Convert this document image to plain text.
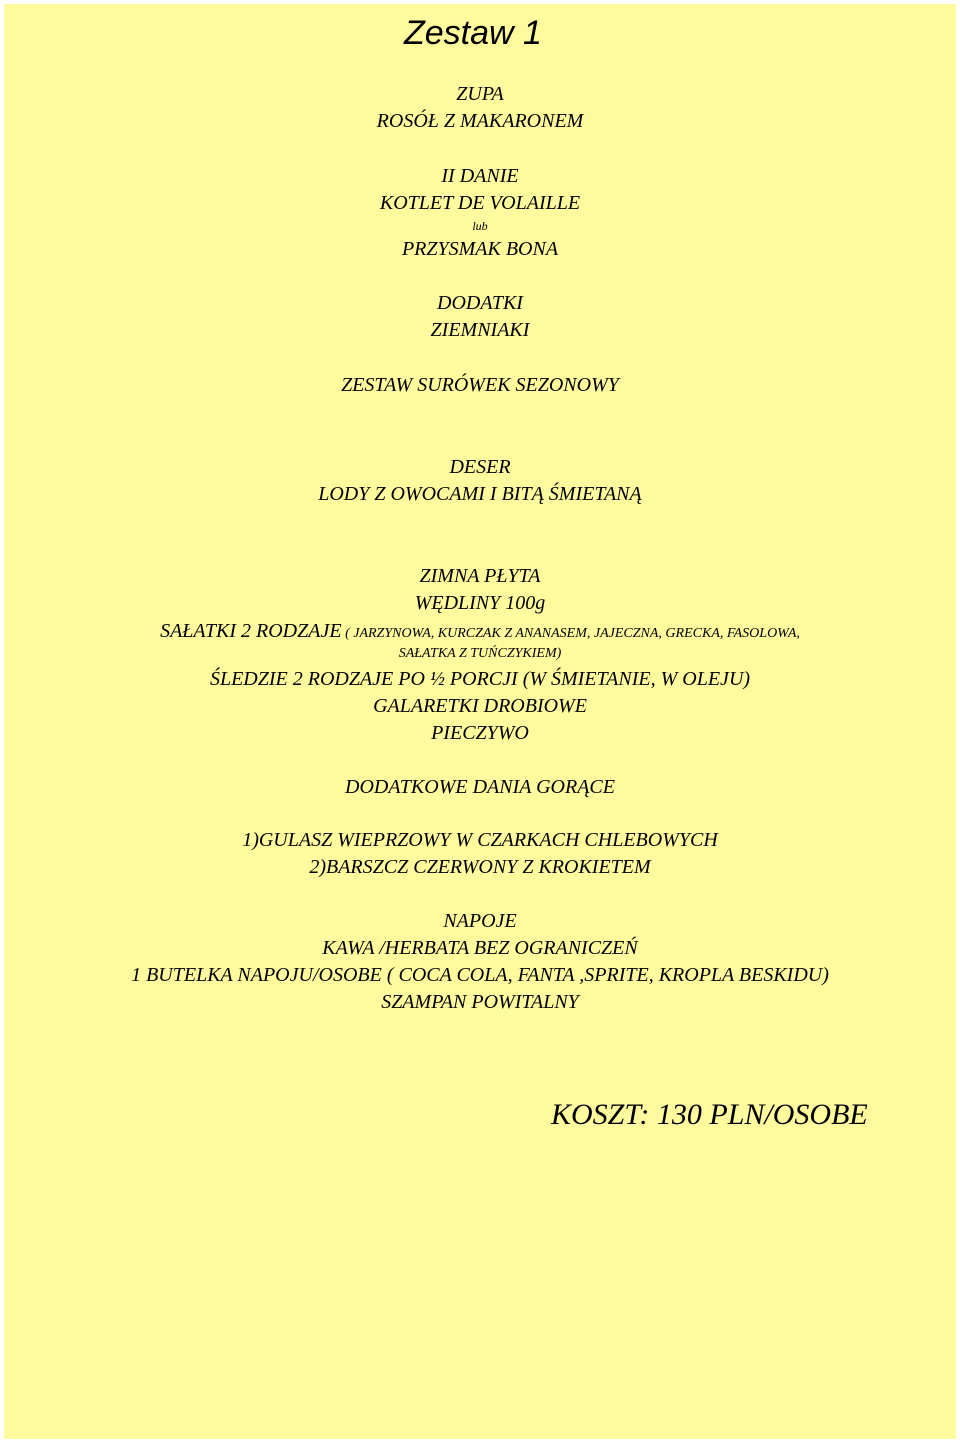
Zestaw 1
ZUPA
ROSÓŁ Z MAKARONEM
II DANIE
KOTLET DE VOLAILLE
lub
PRZYSMAK BONA
DODATKI
ZIEMNIAKI
ZESTAW SURÓWEK SEZONOWY
DESER
LODY Z OWOCAMI I BITĄ ŚMIETANĄ
ZIMNA PŁYTA
WĘDLINY 100g
SAŁATKI 2 RODZAJE ( JARZYNOWA, KURCZAK Z ANANASEM, JAJECZNA, GRECKA, FASOLOWA,
SAŁATKA Z TUŃCZYKIEM)
ŚLEDZIE 2 RODZAJE PO ½ PORCJI (W ŚMIETANIE, W OLEJU)
GALARETKI DROBIOWE
PIECZYWO
DODATKOWE DANIA GORĄCE
1)GULASZ WIEPRZOWY W CZARKACH CHLEBOWYCH
2)BARSZCZ CZERWONY Z KROKIETEM
NAPOJE
KAWA /HERBATA BEZ OGRANICZEŃ
1 BUTELKA NAPOJU/OSOBE ( COCA COLA, FANTA ,SPRITE, KROPLA BESKIDU)
SZAMPAN POWITALNY
KOSZT: 130 PLN/OSOBE
